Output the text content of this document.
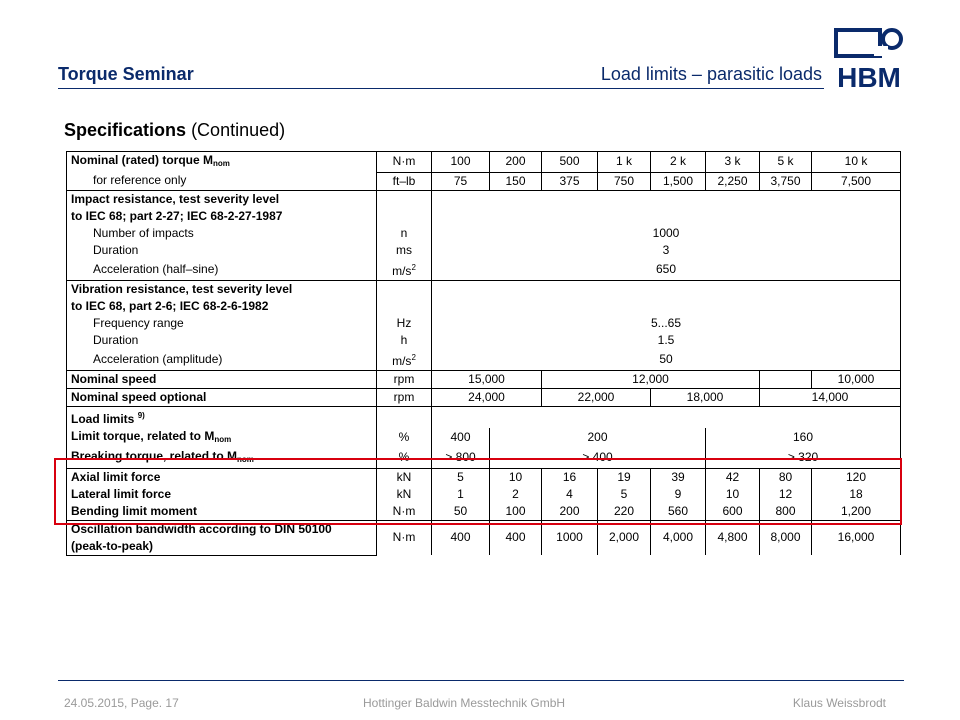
Torque Seminar	Load limits – parasitic loads HBM
Specifications (Continued)
Nominal (rated) torque $M_{nom}$	N·m	100	200	500	1 k	2 k	3 k	5 k	10 k	
for reference only	ft–lb	75	150	375	750	1,500	2,250	3,750	7,500	
Impact resistance, test severity level										
to IEC 68; part 2-27; IEC 68-2-27-1987										
Number of impacts	n	1000								
Duration	ms	3								
Acceleration (half–sine)	$m/s^2$	650								
Vibration resistance, test severity level										
to IEC 68, part 2-6; IEC 68-2-6-1982										
Frequency range	Hz	5...65								
Duration	h	1.5								
Acceleration (amplitude)	$m/s^2$	50								
Nominal speed	rpm	15,000		12,000					10,000	
Nominal speed optional	rpm	24,000		22,000		18,000		14,000	
Load limits $^{9)}$		
Limit torque, related to $M_{nom}$	%	400	200				160			
Breaking torque, related to $M_{nom}$	%	> 800	> 400				> 320			
Axial limit force	kN	5	10	16	19	39	42	80	120	
Lateral limit force	kN	1	2	4	5	9	10	12	18	
Bending limit moment	N·m	50	100	200	220	560	600	800	1,200	
Oscillation bandwidth according to DIN 50100	N·m	400	400	1000	2,000	4,000	4,800	8,000	16,000	
(peak-to-peak)										
24.05.2015, Page. 17	Hottinger Baldwin Messtechnik GmbH	Klaus Weissbrodt
